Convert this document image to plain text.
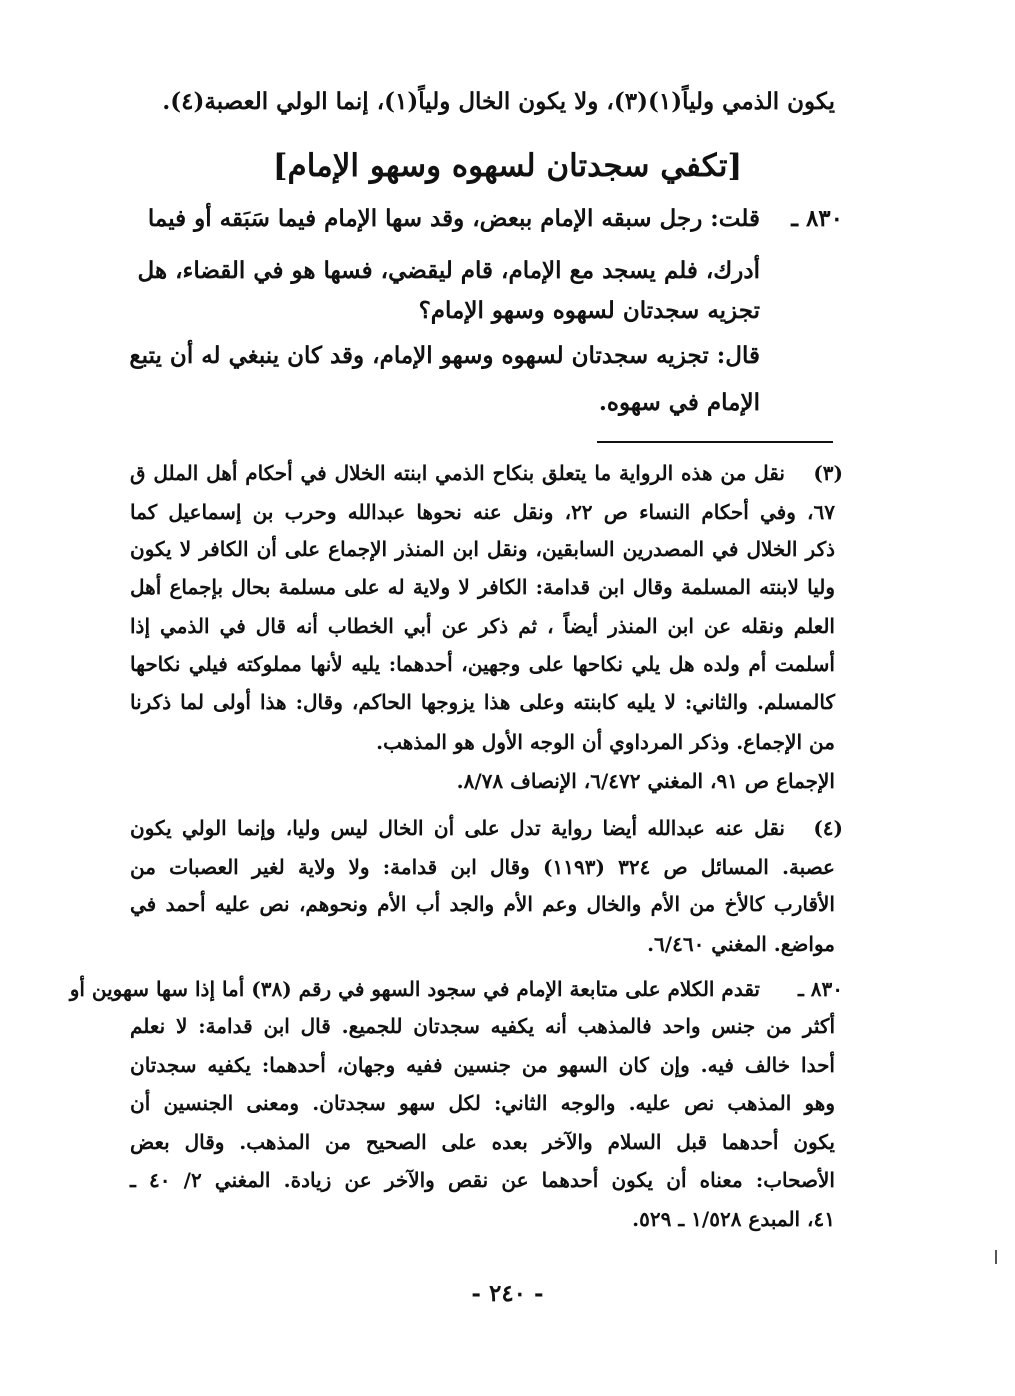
يكون الذمي ولياً(١)(٣)، ولا يكون الخال ولياً(١)، إنما الولي العصبة(٤).
[تكفي سجدتان لسهوه وسهو الإمام]
٨٣٠ ـ
قلت: رجل سبقه الإمام ببعض، وقد سها الإمام فيما سَبَقه أو فيما
أدرك، فلم يسجد مع الإمام، قام ليقضي، فسها هو في القضاء، هل
تجزيه سجدتان لسهوه وسهو الإمام؟
قال: تجزيه سجدتان لسهوه وسهو الإمام، وقد كان ينبغي له أن يتبع
الإمام في سهوه.
(٣)
نقل من هذه الرواية ما يتعلق بنكاح الذمي ابنته الخلال في أحكام أهل الملل ق
٦٧، وفي أحكام النساء ص ٢٢، ونقل عنه نحوها عبدالله وحرب بن إسماعيل كما
ذكر الخلال في المصدرين السابقين، ونقل ابن المنذر الإجماع على أن الكافر لا يكون
وليا لابنته المسلمة وقال ابن قدامة: الكافر لا ولاية له على مسلمة بحال بإجماع أهل
العلم ونقله عن ابن المنذر أيضاً ، ثم ذكر عن أبي الخطاب أنه قال في الذمي إذا
أسلمت أم ولده هل يلي نكاحها على وجهين، أحدهما: يليه لأنها مملوكته فيلي نكاحها
كالمسلم. والثاني: لا يليه كابنته وعلى هذا يزوجها الحاكم، وقال: هذا أولى لما ذكرنا
من الإجماع. وذكر المرداوي أن الوجه الأول هو المذهب.
الإجماع ص ٩١، المغني ٦/٤٧٢، الإنصاف ٨/٧٨.
(٤)
نقل عنه عبدالله أيضا رواية تدل على أن الخال ليس وليا، وإنما الولي يكون
عصبة. المسائل ص ٣٢٤ (١١٩٣) وقال ابن قدامة: ولا ولاية لغير العصبات من
الأقارب كالأخ من الأم والخال وعم الأم والجد أب الأم ونحوهم، نص عليه أحمد في
مواضع. المغني ٦/٤٦٠.
٨٣٠ ـ
تقدم الكلام على متابعة الإمام في سجود السهو في رقم (٣٨) أما إذا سها سهوين أو
أكثر من جنس واحد فالمذهب أنه يكفيه سجدتان للجميع. قال ابن قدامة: لا نعلم
أحدا خالف فيه. وإن كان السهو من جنسين ففيه وجهان، أحدهما: يكفيه سجدتان
وهو المذهب نص عليه. والوجه الثاني: لكل سهو سجدتان. ومعنى الجنسين أن
يكون أحدهما قبل السلام والآخر بعده على الصحيح من المذهب. وقال بعض
الأصحاب: معناه أن يكون أحدهما عن نقص والآخر عن زيادة. المغني ٢/ ٤٠ ـ
٤١، المبدع ١/٥٢٨ ـ ٥٢٩.
- ٢٤٠ -
